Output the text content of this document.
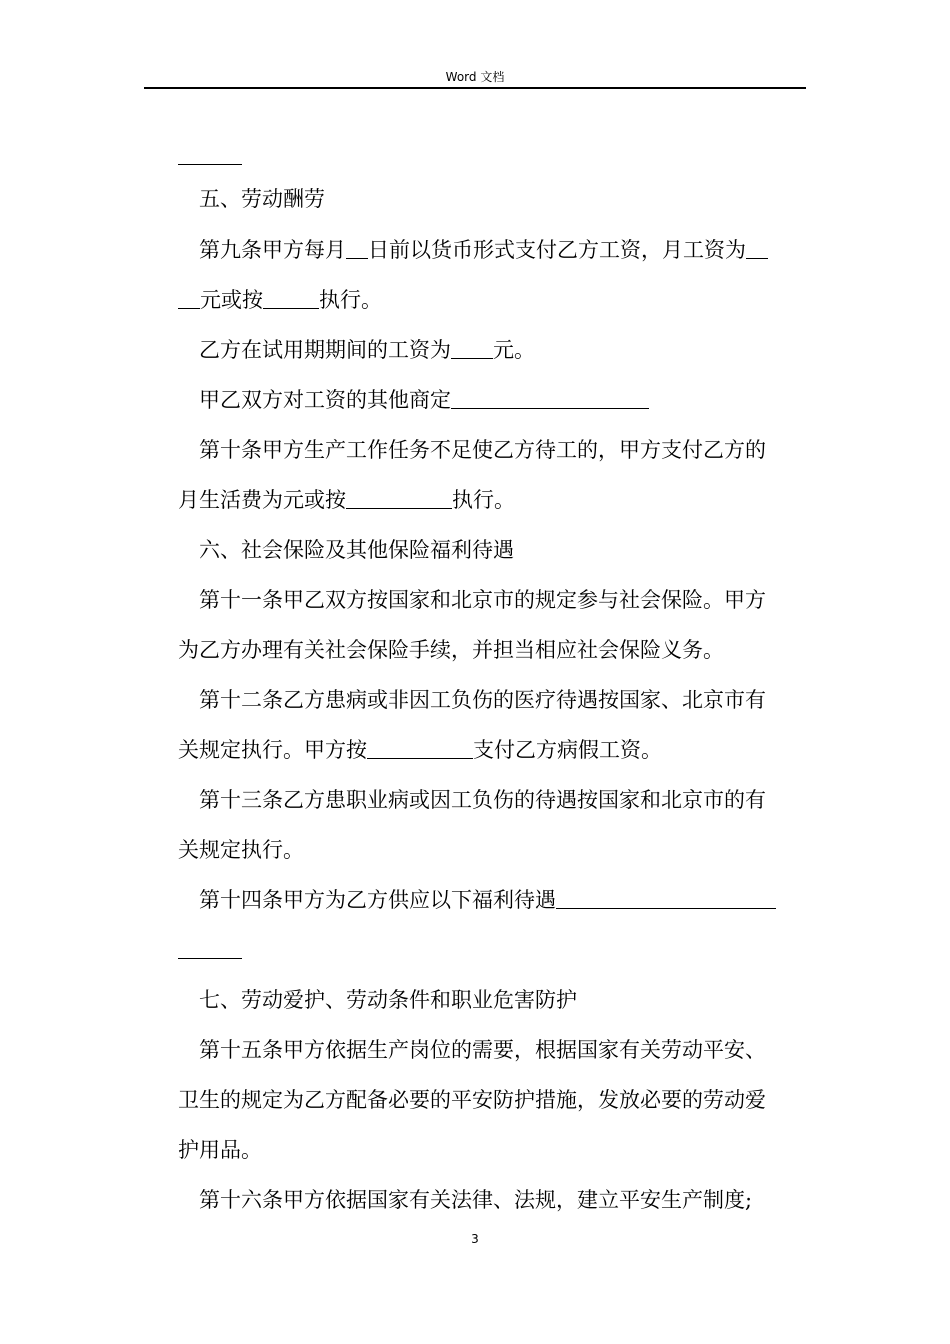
Word 文档
五、劳动酬劳
第九条甲方每月 日前以货币形式支付乙方工资，月工资为
元或按	执行。
乙方在试用期期间的工资为 元。
甲乙双方对工资的其他商定
第十条甲方生产工作任务不足使乙方待工的，甲方支付乙方的
月生活费为元或按	执行。
六、社会保险及其他保险福利待遇
第十一条甲乙双方按国家和北京市的规定参与社会保险。甲方
为乙方办理有关社会保险手续，并担当相应社会保险义务。
第十二条乙方患病或非因工负伤的医疗待遇按国家、北京市有
关规定执行。甲方按	支付乙方病假工资。
第十三条乙方患职业病或因工负伤的待遇按国家和北京市的有
关规定执行。
第十四条甲方为乙方供应以下福利待遇
七、劳动爱护、劳动条件和职业危害防护
第十五条甲方依据生产岗位的需要，根据国家有关劳动平安、
卫生的规定为乙方配备必要的平安防护措施，发放必要的劳动爱
护用品。
第十六条甲方依据国家有关法律、法规，建立平安生产制度;
3
